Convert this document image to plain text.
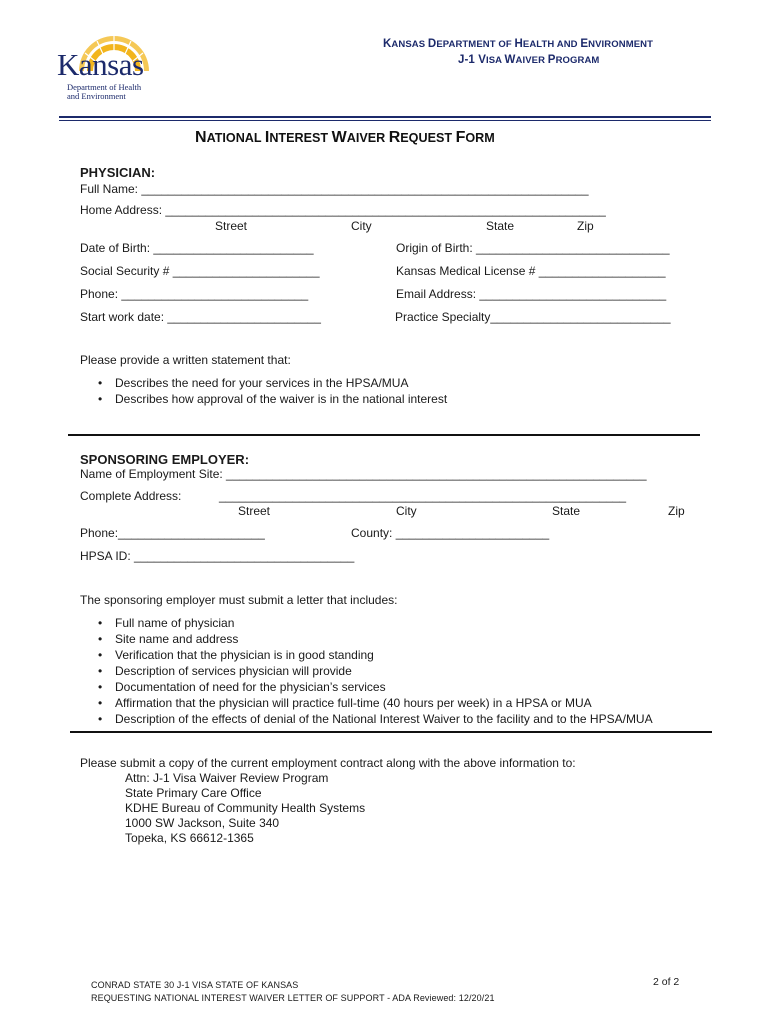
Kansas
Department of Health
and Environment
KANSAS DEPARTMENT OF HEALTH AND ENVIRONMENT
J-1 VISA WAIVER PROGRAM
NATIONAL INTEREST WAIVER REQUEST FORM
PHYSICIAN:
Full Name: ___________________________________________________________________
Home Address: __________________________________________________________________
Street	City	State	Zip
Date of Birth: ________________________	Origin of Birth: _____________________________
Social Security # ______________________	Kansas Medical License # ___________________
Phone: ____________________________	Email Address: ____________________________
Start work date: _______________________	Practice Specialty___________________________
Please provide a written statement that:
• Describes the need for your services in the HPSA/MUA
• Describes how approval of the waiver is in the national interest
SPONSORING EMPLOYER:
Name of Employment Site: _______________________________________________________________
Complete Address:	_____________________________________________________________
Street	City	State	Zip
Phone:______________________	County: _______________________
HPSA ID: _________________________________
The sponsoring employer must submit a letter that includes:
• Full name of physician
• Site name and address
• Verification that the physician is in good standing
• Description of services physician will provide
• Documentation of need for the physician’s services
• Affirmation that the physician will practice full-time (40 hours per week) in a HPSA or MUA
• Description of the effects of denial of the National Interest Waiver to the facility and to the HPSA/MUA
Please submit a copy of the current employment contract along with the above information to:
Attn: J-1 Visa Waiver Review Program
State Primary Care Office
KDHE Bureau of Community Health Systems
1000 SW Jackson, Suite 340
Topeka, KS 66612-1365
CONRAD STATE 30 J-1 VISA STATE OF KANSAS
REQUESTING NATIONAL INTEREST WAIVER LETTER OF SUPPORT - ADA Reviewed: 12/20/21
2 of 2
